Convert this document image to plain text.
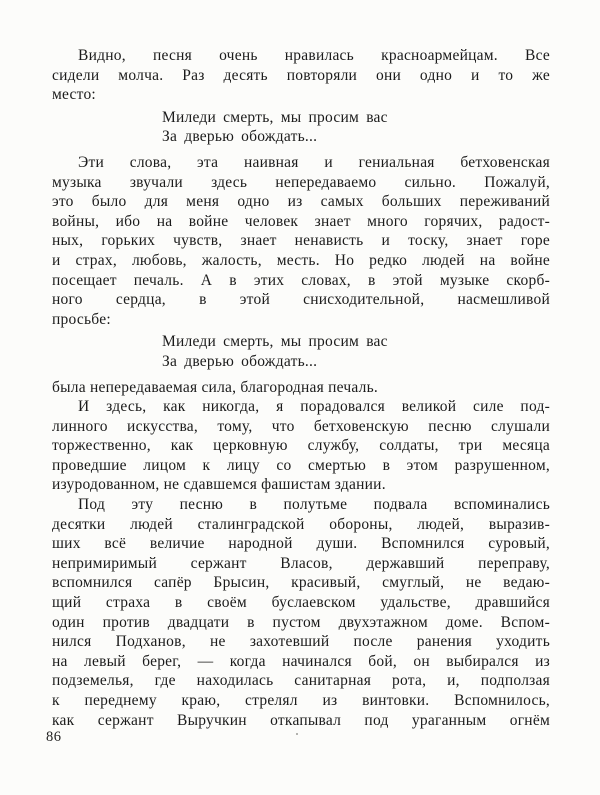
Видно, песня очень нравилась красноармейцам. Все
сидели молча. Раз десять повторяли они одно и то же
место:
Миледи смерть, мы просим вас
За дверью обождать...
Эти слова, эта наивная и гениальная бетховенская
музыка звучали здесь непередаваемо сильно. Пожалуй,
это было для меня одно из самых больших переживаний
войны, ибо на войне человек знает много горячих, радост-
ных, горьких чувств, знает ненависть и тоску, знает горе
и страх, любовь, жалость, месть. Но редко людей на войне
посещает печаль. А в этих словах, в этой музыке скорб-
ного сердца, в этой снисходительной, насмешливой
просьбе:
Миледи смерть, мы просим вас
За дверью обождать...
была непередаваемая сила, благородная печаль.
И здесь, как никогда, я порадовался великой силе под-
линного искусства, тому, что бетховенскую песню слушали
торжественно, как церковную службу, солдаты, три месяца
проведшие лицом к лицу со смертью в этом разрушенном,
изуродованном, не сдавшемся фашистам здании.
Под эту песню в полутьме подвала вспоминались
десятки людей сталинградской обороны, людей, выразив-
ших всё величие народной души. Вспомнился суровый,
непримиримый сержант Власов, державший переправу,
вспомнился сапёр Брысин, красивый, смуглый, не ведаю-
щий страха в своём буслаевском удальстве, дравшийся
один против двадцати в пустом двухэтажном доме. Вспом-
нился Подханов, не захотевший после ранения уходить
на левый берег, — когда начинался бой, он выбирался из
подземелья, где находилась санитарная рота, и, подползая
к переднему краю, стрелял из винтовки. Вспомнилось,
как сержант Выручкин откапывал под ураганным огнём
86
